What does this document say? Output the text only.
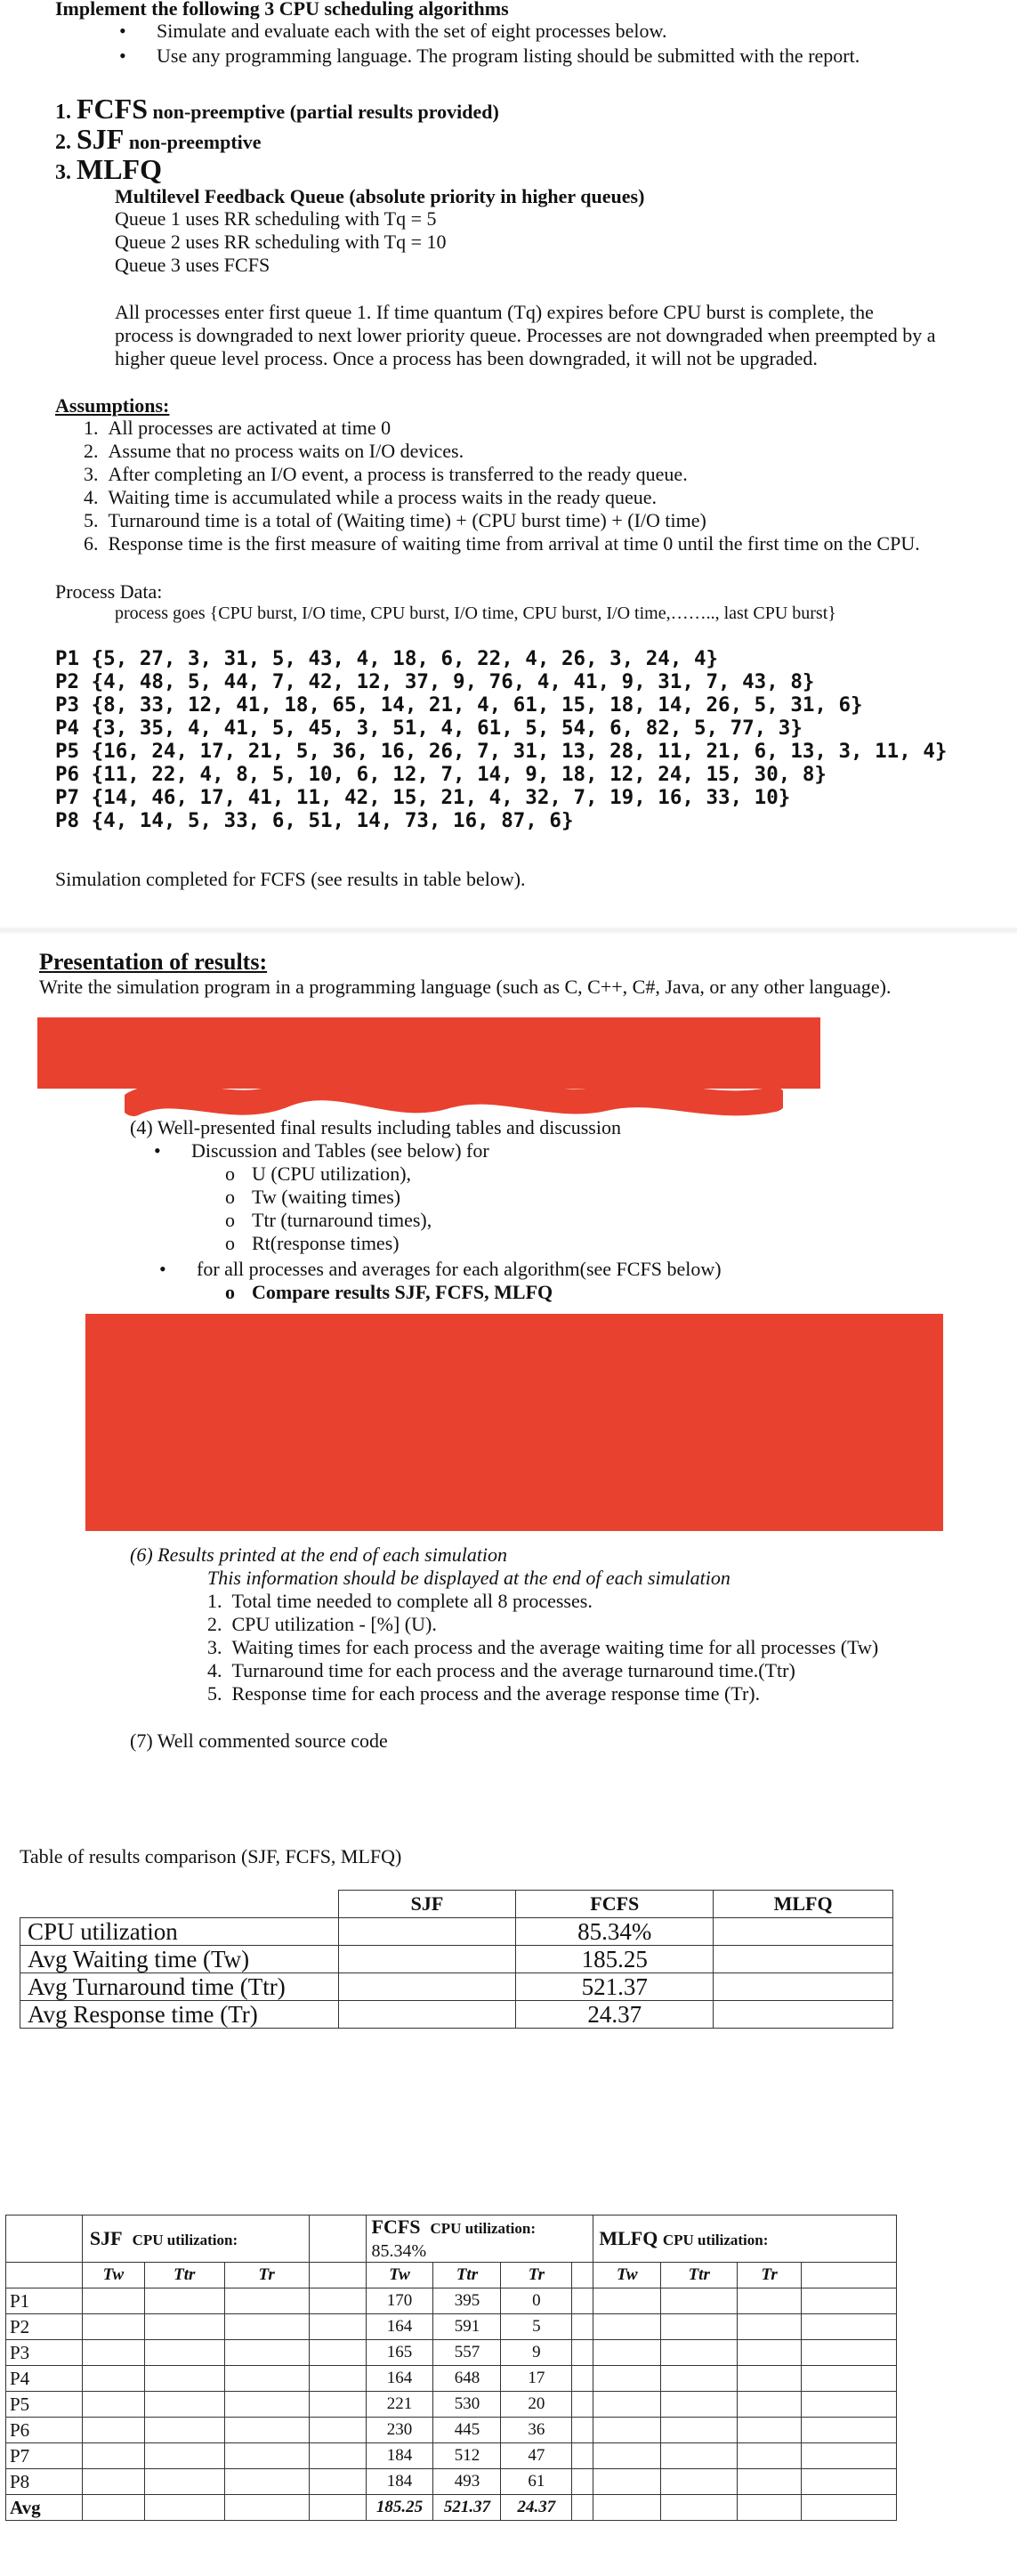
Implement the following 3 CPU scheduling algorithms
• Simulate and evaluate each with the set of eight processes below.
• Use any programming language. The program listing should be submitted with the report.
1. FCFS non-preemptive (partial results provided)
2. SJF non-preemptive
3. MLFQ
Multilevel Feedback Queue (absolute priority in higher queues)
Queue 1 uses RR scheduling with Tq = 5
Queue 2 uses RR scheduling with Tq = 10
Queue 3 uses FCFS
All processes enter first queue 1. If time quantum (Tq) expires before CPU burst is complete, the
process is downgraded to next lower priority queue. Processes are not downgraded when preempted by a
higher queue level process. Once a process has been downgraded, it will not be upgraded.
Assumptions:
1.  All processes are activated at time 0
2.  Assume that no process waits on I/O devices.
3.  After completing an I/O event, a process is transferred to the ready queue.
4.  Waiting time is accumulated while a process waits in the ready queue.
5.  Turnaround time is a total of (Waiting time) + (CPU burst time) + (I/O time)
6.  Response time is the first measure of waiting time from arrival at time 0 until the first time on the CPU.
Process Data:
process goes {CPU burst, I/O time, CPU burst, I/O time, CPU burst, I/O time,…….., last CPU burst}
P1 {5, 27, 3, 31, 5, 43, 4, 18, 6, 22, 4, 26, 3, 24, 4}
P2 {4, 48, 5, 44, 7, 42, 12, 37, 9, 76, 4, 41, 9, 31, 7, 43, 8}
P3 {8, 33, 12, 41, 18, 65, 14, 21, 4, 61, 15, 18, 14, 26, 5, 31, 6}
P4 {3, 35, 4, 41, 5, 45, 3, 51, 4, 61, 5, 54, 6, 82, 5, 77, 3}
P5 {16, 24, 17, 21, 5, 36, 16, 26, 7, 31, 13, 28, 11, 21, 6, 13, 3, 11, 4}
P6 {11, 22, 4, 8, 5, 10, 6, 12, 7, 14, 9, 18, 12, 24, 15, 30, 8}
P7 {14, 46, 17, 41, 11, 42, 15, 21, 4, 32, 7, 19, 16, 33, 10}
P8 {4, 14, 5, 33, 6, 51, 14, 73, 16, 87, 6}
Simulation completed for FCFS (see results in table below).
Presentation of results:
Write the simulation program in a programming language (such as C, C++, C#, Java, or any other language).
(4) Well-presented final results including tables and discussion
• Discussion and Tables (see below) for
o U (CPU utilization),
o Tw (waiting times)
o Ttr (turnaround times),
o Rt(response times)
• for all processes and averages for each algorithm(see FCFS below)
o Compare results SJF, FCFS, MLFQ
(6) Results printed at the end of each simulation
This information should be displayed at the end of each simulation
1.  Total time needed to complete all 8 processes.
2.  CPU utilization - [%] (U).
3.  Waiting times for each process and the average waiting time for all processes (Tw)
4.  Turnaround time for each process and the average turnaround time.(Ttr)
5.  Response time for each process and the average response time (Tr).
(7) Well commented source code
Table of results comparison (SJF, FCFS, MLFQ)
	SJF	FCFS	MLFQ
CPU utilization		85.34%	
Avg Waiting time (Tw)		185.25	
Avg Turnaround time (Ttr)		521.37	
Avg Response time (Tr)		24.37	
	SJF CPU utilization:				FCFS CPU utilization: 85.34%				MLFQ CPU utilization:			
	Tw	Ttr	Tr		Tw	Ttr	Tr		Tw	Ttr	Tr	
P1					170	395	0					
P2					164	591	5					
P3					165	557	9					
P4					164	648	17					
P5					221	530	20					
P6					230	445	36					
P7					184	512	47					
P8					184	493	61					
Avg					185.25	521.37	24.37					
